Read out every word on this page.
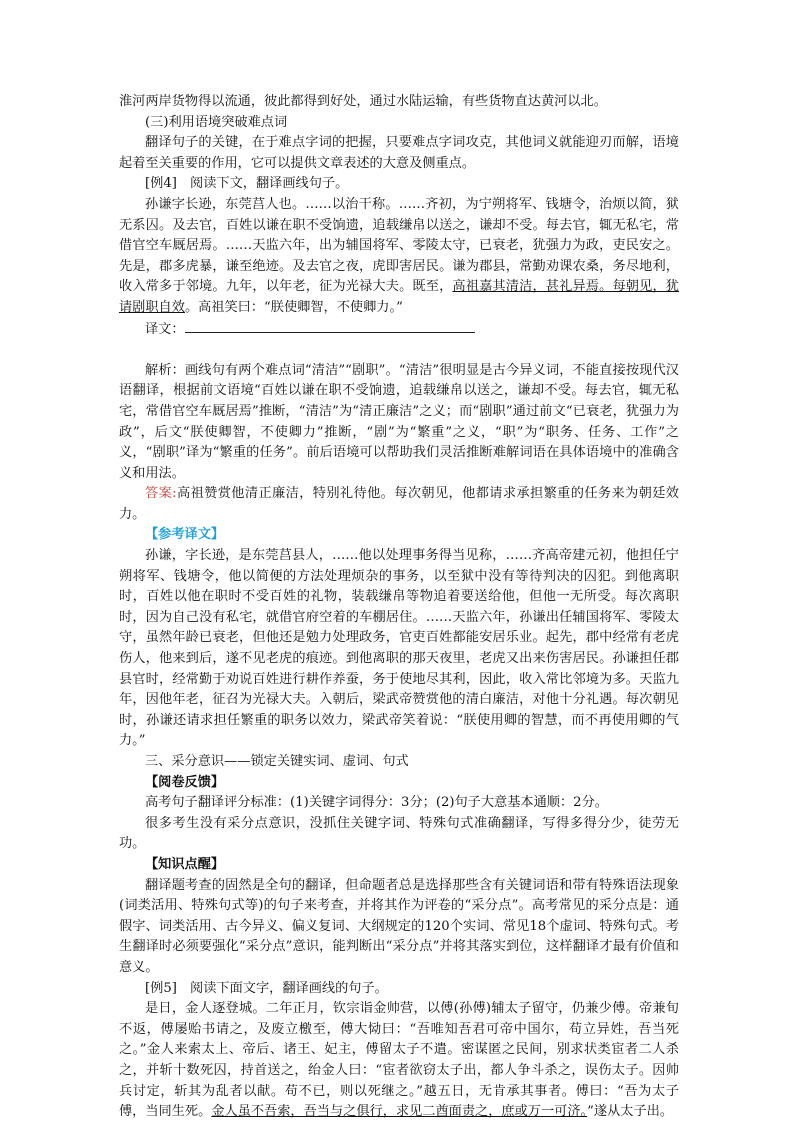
淮河两岸货物得以流通，彼此都得到好处，通过水陆运输，有些货物直达黄河以北。

(三)利用语境突破难点词

翻译句子的关键，在于难点字词的把握，只要难点字词攻克，其他词义就能迎刃而解，语境起着至关重要的作用，它可以提供文章表述的大意及侧重点。

[例4]　阅读下文，翻译画线句子。

孙谦字长逊，东莞莒人也。……以治干称。……齐初，为宁朔将军、钱塘令，治烦以简，狱无系囚。及去官，百姓以谦在职不受饷遗，追载缣帛以送之，谦却不受。每去官，辄无私宅，常借官空车厩居焉。……天监六年，出为辅国将军、零陵太守，已衰老，犹强力为政，吏民安之。先是，郡多虎暴，谦至绝迹。及去官之夜，虎即害居民。谦为郡县，常勤劝课农桑，务尽地利，收入常多于邻境。九年，以年老，征为光禄大夫。既至，高祖嘉其清洁，甚礼异焉。每朝见，犹请剧职自效。高祖笑曰：“朕使卿智，不使卿力。”

译文：

解析：画线句有两个难点词“清洁”“剧职”。“清洁”很明显是古今异义词，不能直接按现代汉语翻译，根据前文语境“百姓以谦在职不受饷遗，追载缣帛以送之，谦却不受。每去官，辄无私宅，常借官空车厩居焉”推断，“清洁”为“清正廉洁”之义；而“剧职”通过前文“已衰老，犹强力为政”，后文“朕使卿智，不使卿力”推断，“剧”为“繁重”之义，“职”为“职务、任务、工作”之义，“剧职”译为“繁重的任务”。前后语境可以帮助我们灵活推断难解词语在具体语境中的准确含义和用法。

答案:高祖赞赏他清正廉洁，特别礼待他。每次朝见，他都请求承担繁重的任务来为朝廷效力。

【参考译文】

孙谦，字长逊，是东莞莒县人，……他以处理事务得当见称，……齐高帝建元初，他担任宁朔将军、钱塘令，他以简便的方法处理烦杂的事务，以至狱中没有等待判决的囚犯。到他离职时，百姓以他在职时不受百姓的礼物，装载缣帛等物追着要送给他，但他一无所受。每次离职时，因为自己没有私宅，就借官府空着的车棚居住。……天监六年，孙谦出任辅国将军、零陵太守，虽然年龄已衰老，但他还是勉力处理政务，官吏百姓都能安居乐业。起先，郡中经常有老虎伤人，他来到后，遂不见老虎的痕迹。到他离职的那天夜里，老虎又出来伤害居民。孙谦担任郡县官时，经常勤于劝说百姓进行耕作养蚕，务于使地尽其利，因此，收入常比邻境为多。天监九年，因他年老，征召为光禄大夫。入朝后，梁武帝赞赏他的清白廉洁，对他十分礼遇。每次朝见时，孙谦还请求担任繁重的职务以效力，梁武帝笑着说：“朕使用卿的智慧，而不再使用卿的气力。”

三、采分意识——锁定关键实词、虚词、句式

【阅卷反馈】

高考句子翻译评分标准：(1)关键字词得分：3分；(2)句子大意基本通顺：2分。

很多考生没有采分点意识，没抓住关键字词、特殊句式准确翻译，写得多得分少，徒劳无功。

【知识点醒】

翻译题考查的固然是全句的翻译，但命题者总是选择那些含有关键词语和带有特殊语法现象(词类活用、特殊句式等)的句子来考查，并将其作为评卷的“采分点”。高考常见的采分点是：通假字、词类活用、古今异义、偏义复词、大纲规定的120个实词、常见18个虚词、特殊句式。考生翻译时必须要强化“采分点”意识，能判断出“采分点”并将其落实到位，这样翻译才最有价值和意义。

[例5]　阅读下面文字，翻译画线的句子。

是日，金人逐登城。二年正月，钦宗诣金帅营，以傅(孙傅)辅太子留守，仍兼少傅。帝兼旬不返，傅屡贻书请之，及废立檄至，傅大恸曰：“吾唯知吾君可帝中国尔，苟立异姓，吾当死之。”金人来索太上、帝后、诸王、妃主，傅留太子不遣。密谋匿之民间，别求状类宦者二人杀之，并斩十数死囚，持首送之，绐金人曰：“宦者欲窃太子出，都人争斗杀之，误伤太子。因帅兵讨定，斩其为乱者以献。苟不已，则以死继之。”越五日，无肯承其事者。傅曰：“吾为太子傅，当同生死。金人虽不吾索，吾当与之俱行，求见二酋面责之，庶或万一可济。”遂从太子出。
